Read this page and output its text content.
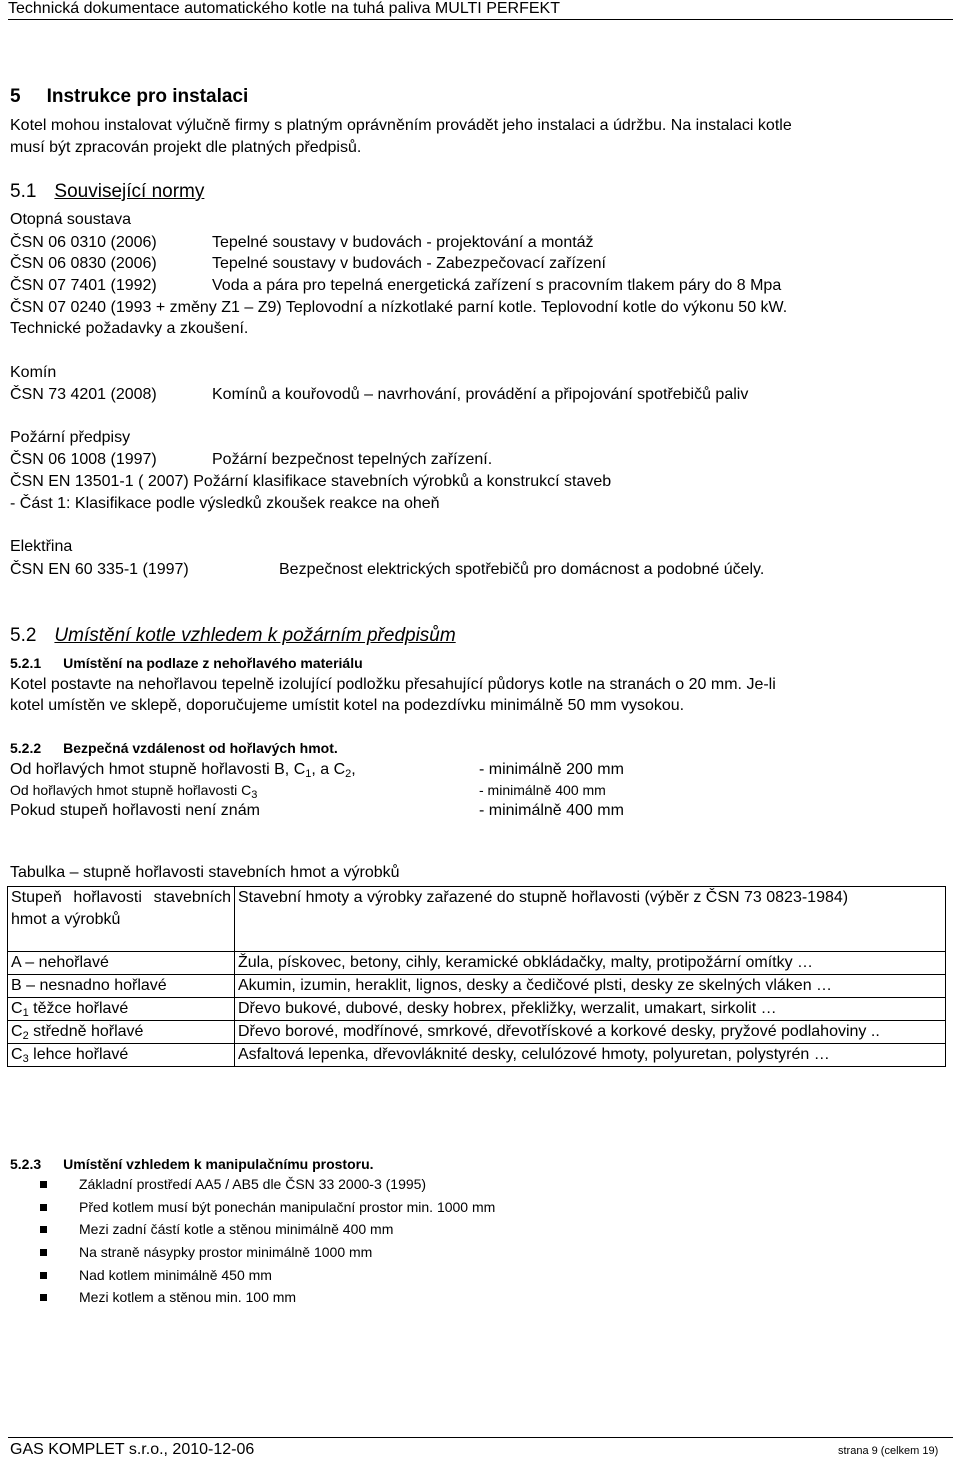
Technická dokumentace automatického kotle na tuhá paliva MULTI PERFEKT
5 Instrukce pro instalaci
Kotel mohou instalovat výlučně firmy s platným oprávněním provádět jeho instalaci a údržbu. Na instalaci kotle
musí být zpracován projekt dle platných předpisů.
5.1 Související normy
Otopná soustava
ČSN 06 0310 (2006)	Tepelné soustavy v budovách - projektování a montáž
ČSN 06 0830 (2006)	Tepelné soustavy v budovách - Zabezpečovací zařízení
ČSN 07 7401 (1992)	Voda a pára pro tepelná energetická zařízení s pracovním tlakem páry do 8 Mpa
ČSN 07 0240 (1993 + změny Z1 – Z9) Teplovodní a nízkotlaké parní kotle. Teplovodní kotle do výkonu 50 kW.
Technické požadavky a zkoušení.
Komín
ČSN 73 4201 (2008)	Komínů a kouřovodů – navrhování, provádění a připojování spotřebičů paliv
Požární předpisy
ČSN 06 1008 (1997)	Požární bezpečnost tepelných zařízení.
ČSN EN 13501-1 ( 2007) Požární klasifikace stavebních výrobků a konstrukcí staveb
- Část 1: Klasifikace podle výsledků zkoušek reakce na oheň
Elektřina
ČSN EN 60 335-1 (1997)	Bezpečnost elektrických spotřebičů pro domácnost a podobné účely.
5.2 Umístění kotle vzhledem k požárním předpisům
5.2.1 Umístění na podlaze z nehořlavého materiálu
Kotel postavte na nehořlavou tepelně izolující podložku přesahující půdorys kotle na stranách o 20 mm. Je-li
kotel umístěn ve sklepě, doporučujeme umístit kotel na podezdívku minimálně 50 mm vysokou.
5.2.2 Bezpečná vzdálenost od hořlavých hmot.
Od hořlavých hmot stupně hořlavosti B, $C_1$, a $C_2$,	- minimálně 200 mm
Od hořlavých hmot stupně hořlavosti $C_3$	- minimálně 400 mm
Pokud stupeň hořlavosti není znám	- minimálně 400 mm
Tabulka – stupně hořlavosti stavebních hmot a výrobků
Stupeň hořlavosti stavebních hmot a výrobků	Stavební hmoty a výrobky zařazené do stupně hořlavosti (výběr z ČSN 73 0823-1984)
A – nehořlavé	Žula, pískovec, betony, cihly, keramické obkládačky, malty, protipožární omítky …
B – nesnadno hořlavé	Akumin, izumin, heraklit, lignos, desky a čedičové plsti, desky ze skelných vláken …
$C_1$ těžce hořlavé	Dřevo bukové, dubové, desky hobrex, překližky, werzalit, umakart, sirkolit …
$C_2$ středně hořlavé	Dřevo borové, modřínové, smrkové, dřevotřískové a korkové desky, pryžové podlahoviny ..
$C_3$ lehce hořlavé	Asfaltová lepenka, dřevovláknité desky, celulózové hmoty, polyuretan, polystyrén …
5.2.3 Umístění vzhledem k manipulačnímu prostoru.
Základní prostředí AA5 / AB5 dle ČSN 33 2000-3 (1995)
Před kotlem musí být ponechán manipulační prostor min. 1000 mm
Mezi zadní částí kotle a stěnou minimálně 400 mm
Na straně násypky prostor minimálně 1000 mm
Nad kotlem minimálně 450 mm
Mezi kotlem a stěnou min. 100 mm
GAS KOMPLET s.r.o., 2010-12-06	strana 9 (celkem 19)
